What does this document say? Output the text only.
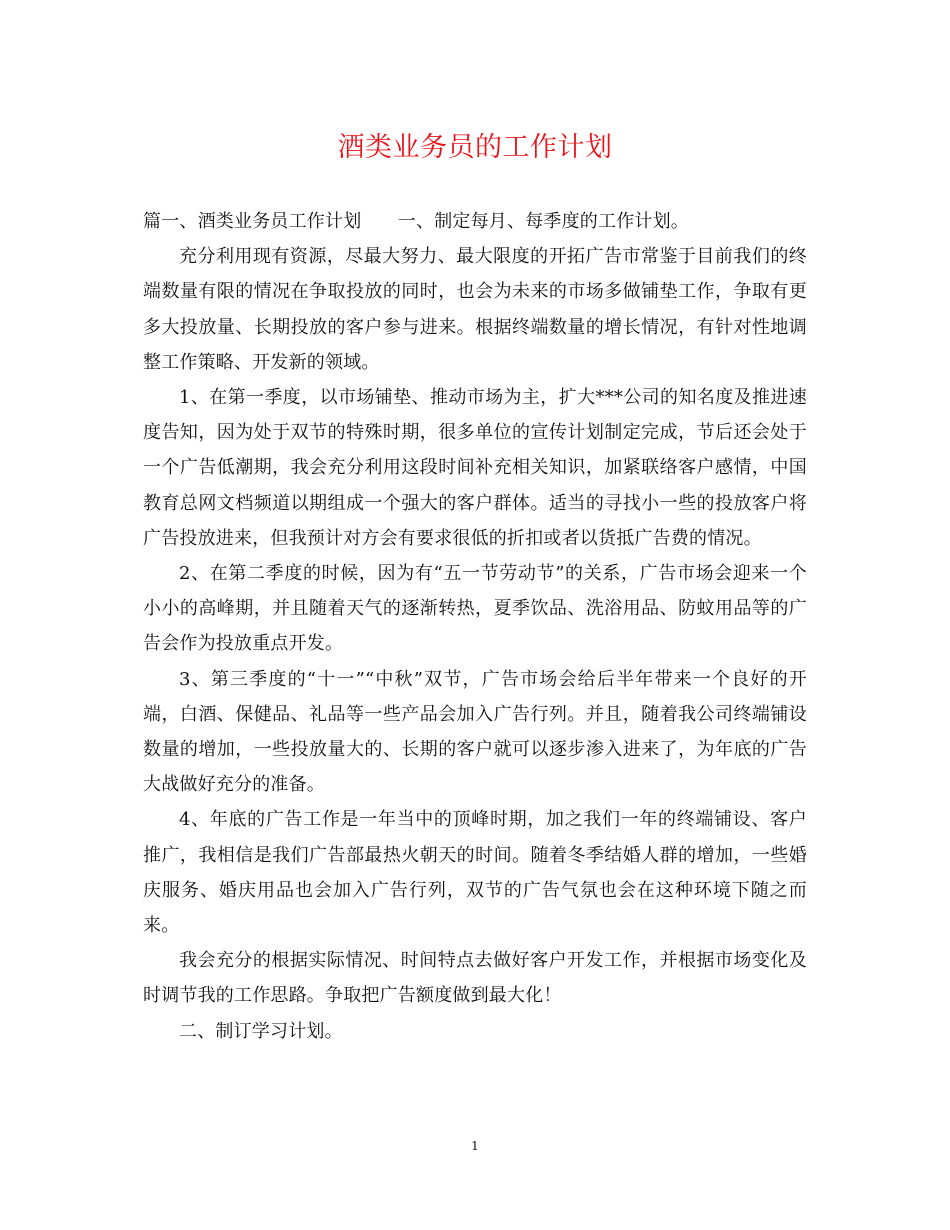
酒类业务员的工作计划

篇一、酒类业务员工作计划　　一、制定每月、每季度的工作计划。

充分利用现有资源，尽最大努力、最大限度的开拓广告市常鉴于目前我们的终端数量有限的情况在争取投放的同时，也会为未来的市场多做铺垫工作，争取有更多大投放量、长期投放的客户参与进来。根据终端数量的增长情况，有针对性地调整工作策略、开发新的领域。

1、在第一季度，以市场铺垫、推动市场为主，扩大***公司的知名度及推进速度告知，因为处于双节的特殊时期，很多单位的宣传计划制定完成，节后还会处于一个广告低潮期，我会充分利用这段时间补充相关知识，加紧联络客户感情，中国教育总网文档频道以期组成一个强大的客户群体。适当的寻找小一些的投放客户将广告投放进来，但我预计对方会有要求很低的折扣或者以货抵广告费的情况。

2、在第二季度的时候，因为有“五一节劳动节”的关系，广告市场会迎来一个小小的高峰期，并且随着天气的逐渐转热，夏季饮品、洗浴用品、防蚊用品等的广告会作为投放重点开发。

3、第三季度的“十一”“中秋”双节，广告市场会给后半年带来一个良好的开端，白酒、保健品、礼品等一些产品会加入广告行列。并且，随着我公司终端铺设数量的增加，一些投放量大的、长期的客户就可以逐步渗入进来了，为年底的广告大战做好充分的准备。

4、年底的广告工作是一年当中的顶峰时期，加之我们一年的终端铺设、客户推广，我相信是我们广告部最热火朝天的时间。随着冬季结婚人群的增加，一些婚庆服务、婚庆用品也会加入广告行列，双节的广告气氛也会在这种环境下随之而来。

我会充分的根据实际情况、时间特点去做好客户开发工作，并根据市场变化及时调节我的工作思路。争取把广告额度做到最大化！

二、制订学习计划。

1
